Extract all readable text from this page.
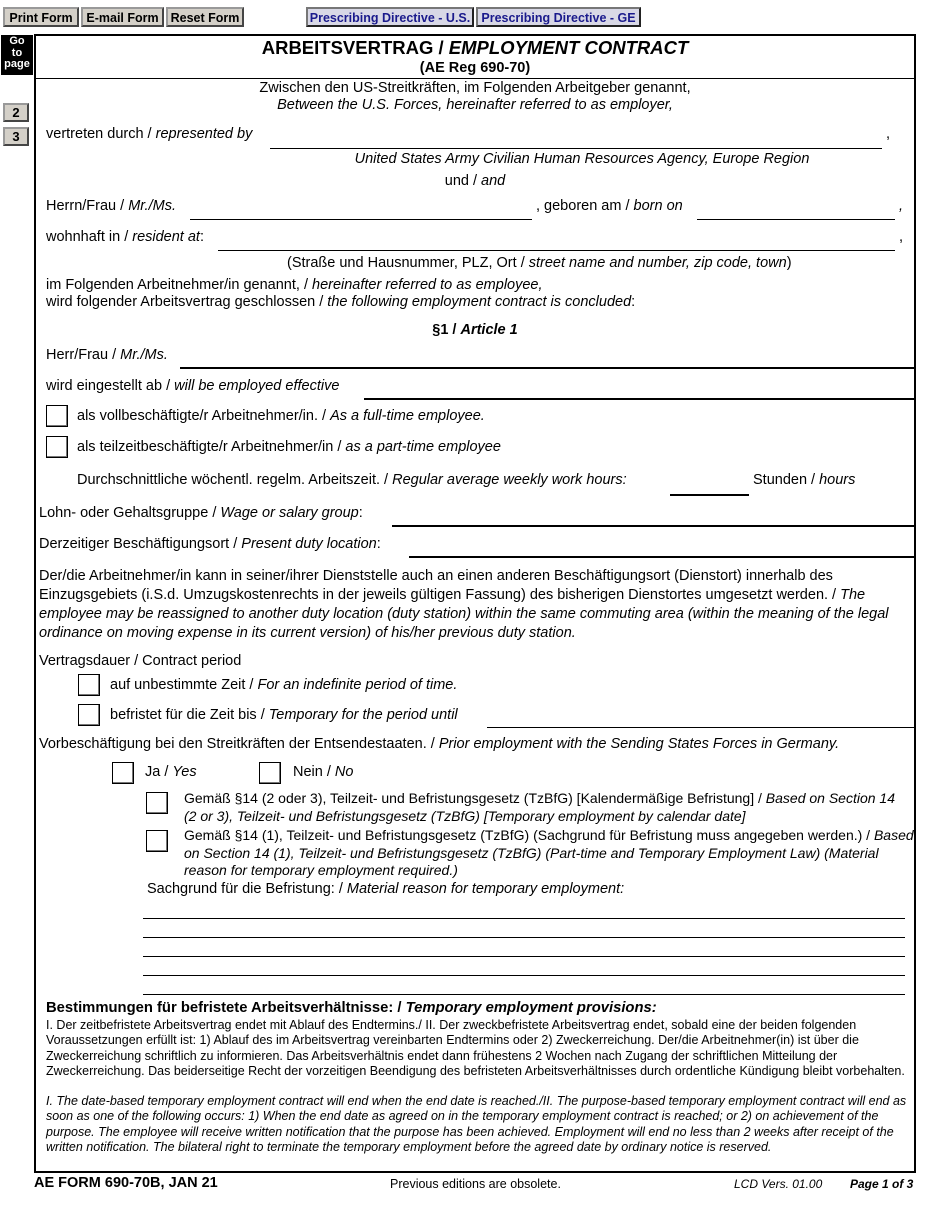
Print Form	E-mail Form Reset Form	Prescribing Directive - U.S. Prescribing Directive - GE
Go
to
page
2
3
ARBEITSVERTRAG / EMPLOYMENT CONTRACT
(AE Reg 690-70)
Zwischen den US-Streitkräften, im Folgenden Arbeitgeber genannt,
Between the U.S. Forces, hereinafter referred to as employer,
vertreten durch / represented by	,
United States Army Civilian Human Resources Agency, Europe Region
und / and
Herrn/Frau / Mr./Ms.	, geboren am / born on	,
wohnhaft in / resident at:	,
(Straße und Hausnummer, PLZ, Ort / street name and number, zip code, town)
im Folgenden Arbeitnehmer/in genannt, / hereinafter referred to as employee,
wird folgender Arbeitsvertrag geschlossen / the following employment contract is concluded:
§1 / Article 1
Herr/Frau / Mr./Ms.
wird eingestellt ab / will be employed effective
als vollbeschäftigte/r Arbeitnehmer/in. / As a full-time employee.
als teilzeitbeschäftigte/r Arbeitnehmer/in / as a part-time employee
Durchschnittliche wöchentl. regelm. Arbeitszeit. / Regular average weekly work hours:	Stunden / hours
Lohn- oder Gehaltsgruppe / Wage or salary group:
Derzeitiger Beschäftigungsort / Present duty location:
Der/die Arbeitnehmer/in kann in seiner/ihrer Dienststelle auch an einen anderen Beschäftigungsort (Dienstort) innerhalb des Einzugsgebiets (i.S.d. Umzugskostenrechts in der jeweils gültigen Fassung) des bisherigen Dienstortes umgesetzt werden. / The employee may be reassigned to another duty location (duty station) within the same commuting area (within the meaning of the legal ordinance on moving expense in its current version) of his/her previous duty station.
Vertragsdauer / Contract period
auf unbestimmte Zeit / For an indefinite period of time.
befristet für die Zeit bis / Temporary for the period until
Vorbeschäftigung bei den Streitkräften der Entsendestaaten. / Prior employment with the Sending States Forces in Germany.
Ja / Yes	Nein / No
Gemäß §14 (2 oder 3), Teilzeit- und Befristungsgesetz (TzBfG) [Kalendermäßige Befristung] / Based on Section 14 (2 or 3), Teilzeit- und Befristungsgesetz (TzBfG) [Temporary employment by calendar date]
Gemäß §14 (1), Teilzeit- und Befristungsgesetz (TzBfG) (Sachgrund für Befristung muss angegeben werden.) / Based on Section 14 (1), Teilzeit- und Befristungsgesetz (TzBfG) (Part-time and Temporary Employment Law) (Material reason for temporary employment required.)
Sachgrund für die Befristung: / Material reason for temporary employment:
Bestimmungen für befristete Arbeitsverhältnisse: / Temporary employment provisions:
I. Der zeitbefristete Arbeitsvertrag endet mit Ablauf des Endtermins./ II. Der zweckbefristete Arbeitsvertrag endet, sobald eine der beiden folgenden Voraussetzungen erfüllt ist: 1) Ablauf des im Arbeitsvertrag vereinbarten Endtermins oder 2) Zweckerreichung. Der/die Arbeitnehmer(in) ist über die Zweckerreichung schriftlich zu informieren. Das Arbeitsverhältnis endet dann frühestens 2 Wochen nach Zugang der schriftlichen Mitteilung der Zweckerreichung. Das beiderseitige Recht der vorzeitigen Beendigung des befristeten Arbeitsverhältnisses durch ordentliche Kündigung bleibt vorbehalten.
I. The date-based temporary employment contract will end when the end date is reached./II. The purpose-based temporary employment contract will end as soon as one of the following occurs: 1) When the end date as agreed on in the temporary employment contract is reached; or 2) on achievement of the purpose. The employee will receive written notification that the purpose has been achieved. Employment will end no less than 2 weeks after receipt of the written notification. The bilateral right to terminate the temporary employment before the agreed date by ordinary notice is reserved.
AE FORM 690-70B, JAN 21	Previous editions are obsolete.	LCD Vers. 01.00 Page 1 of 3
